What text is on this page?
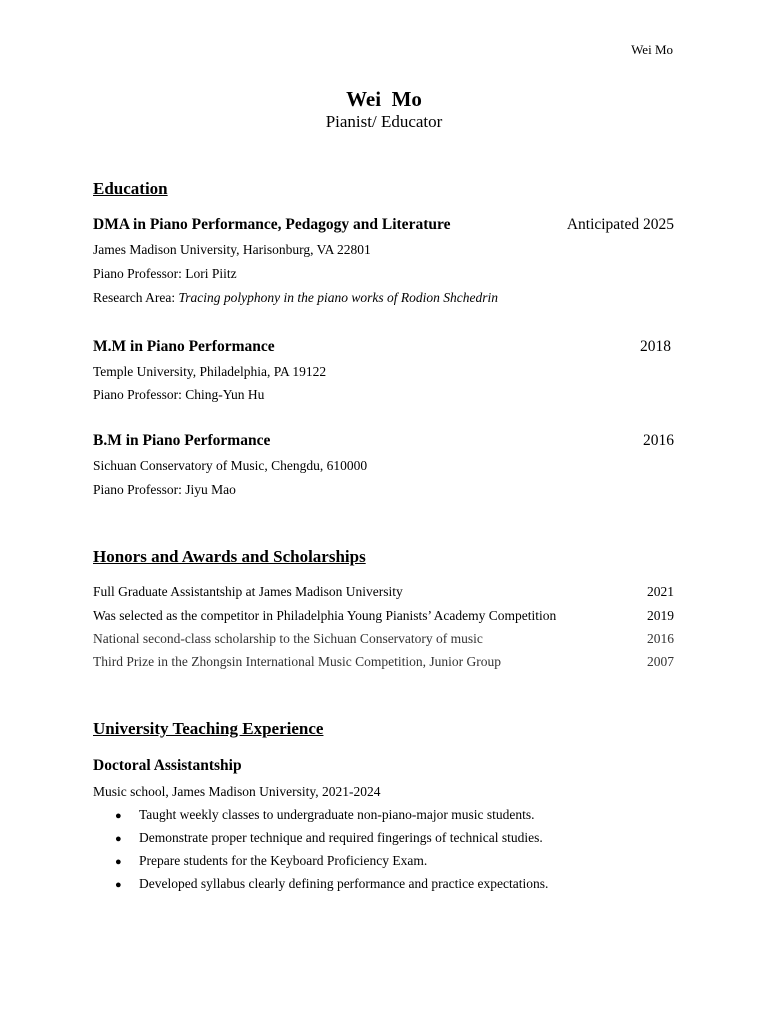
Wei Mo
Wei  Mo
Pianist/ Educator
Education
DMA in Piano Performance, Pedagogy and Literature	Anticipated 2025
James Madison University, Harisonburg, VA 22801
Piano Professor: Lori Piitz
Research Area: Tracing polyphony in the piano works of Rodion Shchedrin
M.M in Piano Performance	2018
Temple University, Philadelphia, PA 19122
Piano Professor: Ching-Yun Hu
B.M in Piano Performance	2016
Sichuan Conservatory of Music, Chengdu, 610000
Piano Professor: Jiyu Mao
Honors and Awards and Scholarships
Full Graduate Assistantship at James Madison University	2021
Was selected as the competitor in Philadelphia Young Pianists’ Academy Competition	2019
National second-class scholarship to the Sichuan Conservatory of music	2016
Third Prize in the Zhongsin International Music Competition, Junior Group	2007
University Teaching Experience
Doctoral Assistantship
Music school, James Madison University, 2021-2024
● Taught weekly classes to undergraduate non-piano-major music students.
● Demonstrate proper technique and required fingerings of technical studies.
● Prepare students for the Keyboard Proficiency Exam.
● Developed syllabus clearly defining performance and practice expectations.
